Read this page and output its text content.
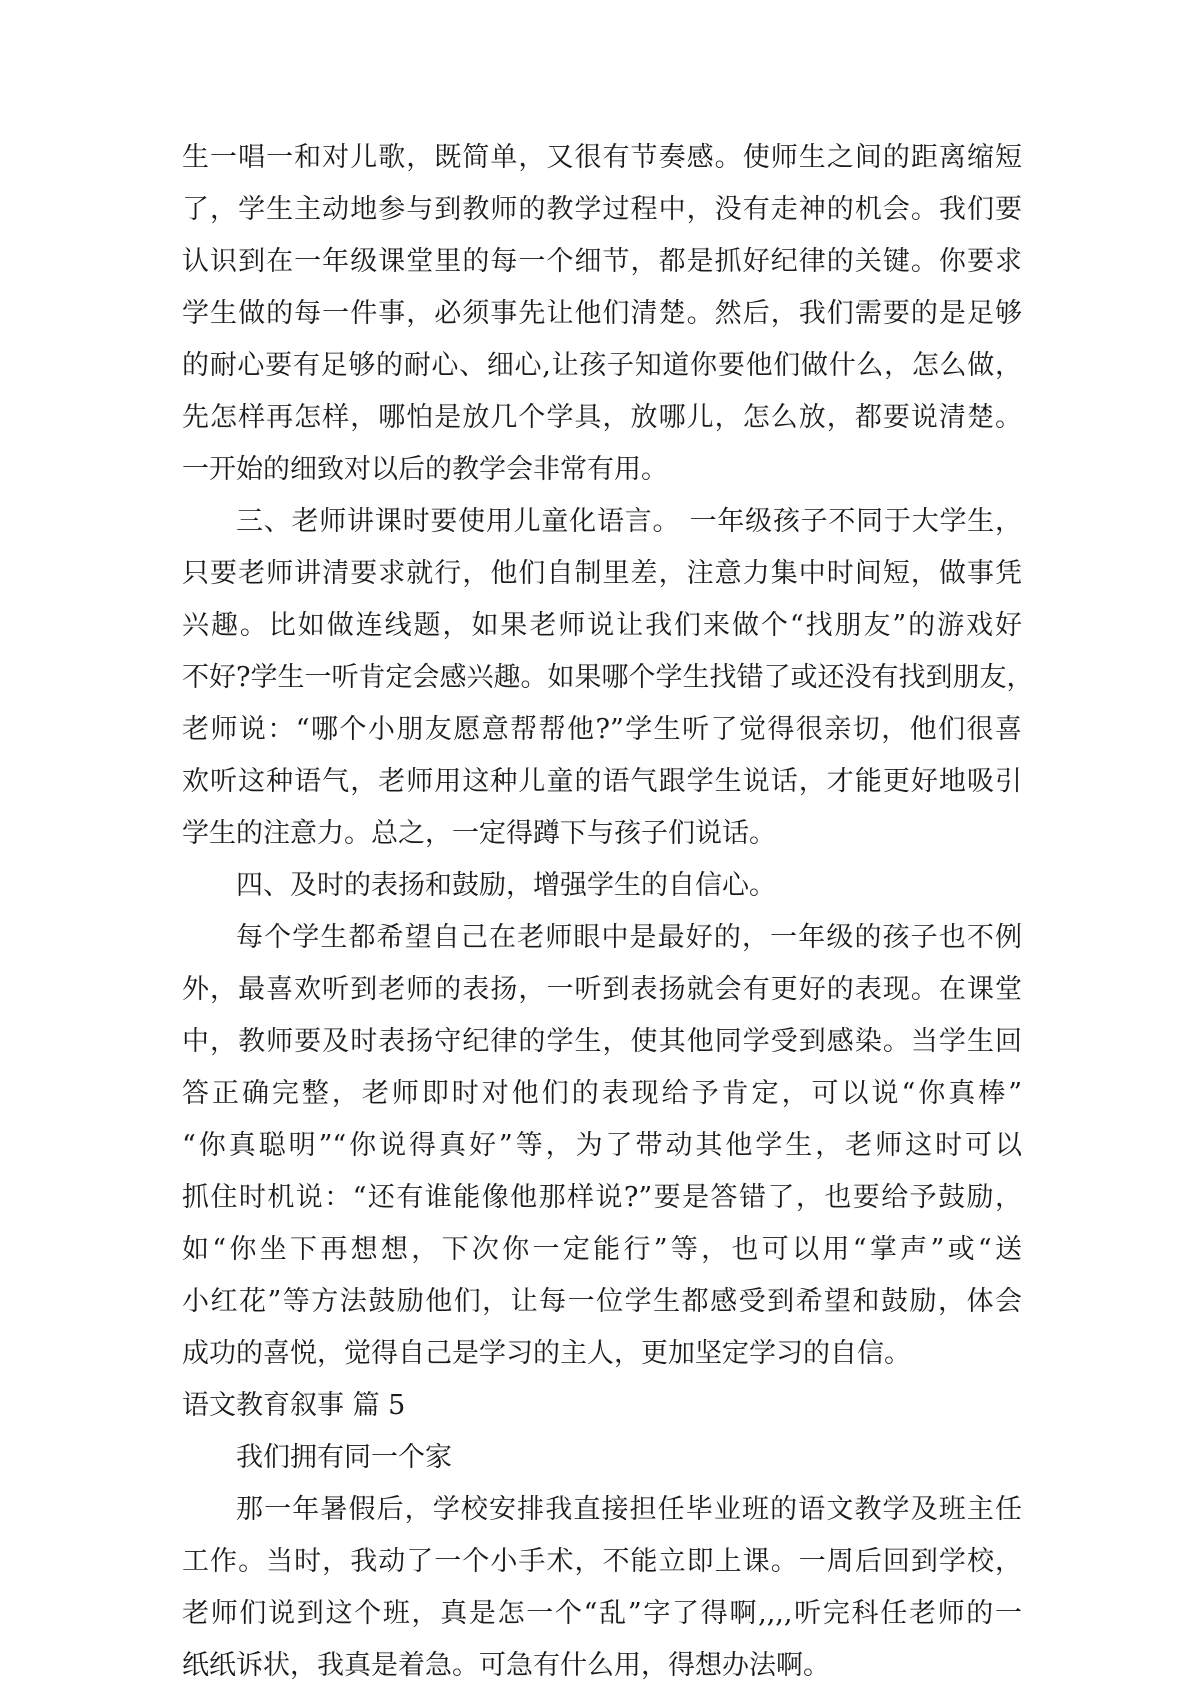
生一唱一和对儿歌，既简单，又很有节奏感。使师生之间的距离缩短
了，学生主动地参与到教师的教学过程中，没有走神的机会。我们要
认识到在一年级课堂里的每一个细节，都是抓好纪律的关键。你要求
学生做的每一件事，必须事先让他们清楚。然后，我们需要的是足够
的耐心要有足够的耐心、细心,让孩子知道你要他们做什么，怎么做，
先怎样再怎样，哪怕是放几个学具，放哪儿，怎么放，都要说清楚。
一开始的细致对以后的教学会非常有用。
三、老师讲课时要使用儿童化语言。 一年级孩子不同于大学生，
只要老师讲清要求就行，他们自制里差，注意力集中时间短，做事凭
兴趣。比如做连线题，如果老师说让我们来做个“找朋友”的游戏好
不好?学生一听肯定会感兴趣。如果哪个学生找错了或还没有找到朋友，
老师说：“哪个小朋友愿意帮帮他?”学生听了觉得很亲切，他们很喜
欢听这种语气，老师用这种儿童的语气跟学生说话，才能更好地吸引
学生的注意力。总之，一定得蹲下与孩子们说话。
四、及时的表扬和鼓励，增强学生的自信心。
每个学生都希望自己在老师眼中是最好的，一年级的孩子也不例
外，最喜欢听到老师的表扬，一听到表扬就会有更好的表现。在课堂
中，教师要及时表扬守纪律的学生，使其他同学受到感染。当学生回
答正确完整，老师即时对他们的表现给予肯定，可以说“你真棒”
“你真聪明”“你说得真好”等，为了带动其他学生，老师这时可以
抓住时机说：“还有谁能像他那样说?”要是答错了，也要给予鼓励，
如“你坐下再想想，下次你一定能行”等，也可以用“掌声”或“送
小红花”等方法鼓励他们，让每一位学生都感受到希望和鼓励，体会
成功的喜悦，觉得自己是学习的主人，更加坚定学习的自信。
语文教育叙事 篇 5
我们拥有同一个家
那一年暑假后，学校安排我直接担任毕业班的语文教学及班主任
工作。当时，我动了一个小手术，不能立即上课。一周后回到学校，
老师们说到这个班，真是怎一个“乱”字了得啊,,,,听完科任老师的一
纸纸诉状，我真是着急。可急有什么用，得想办法啊。
